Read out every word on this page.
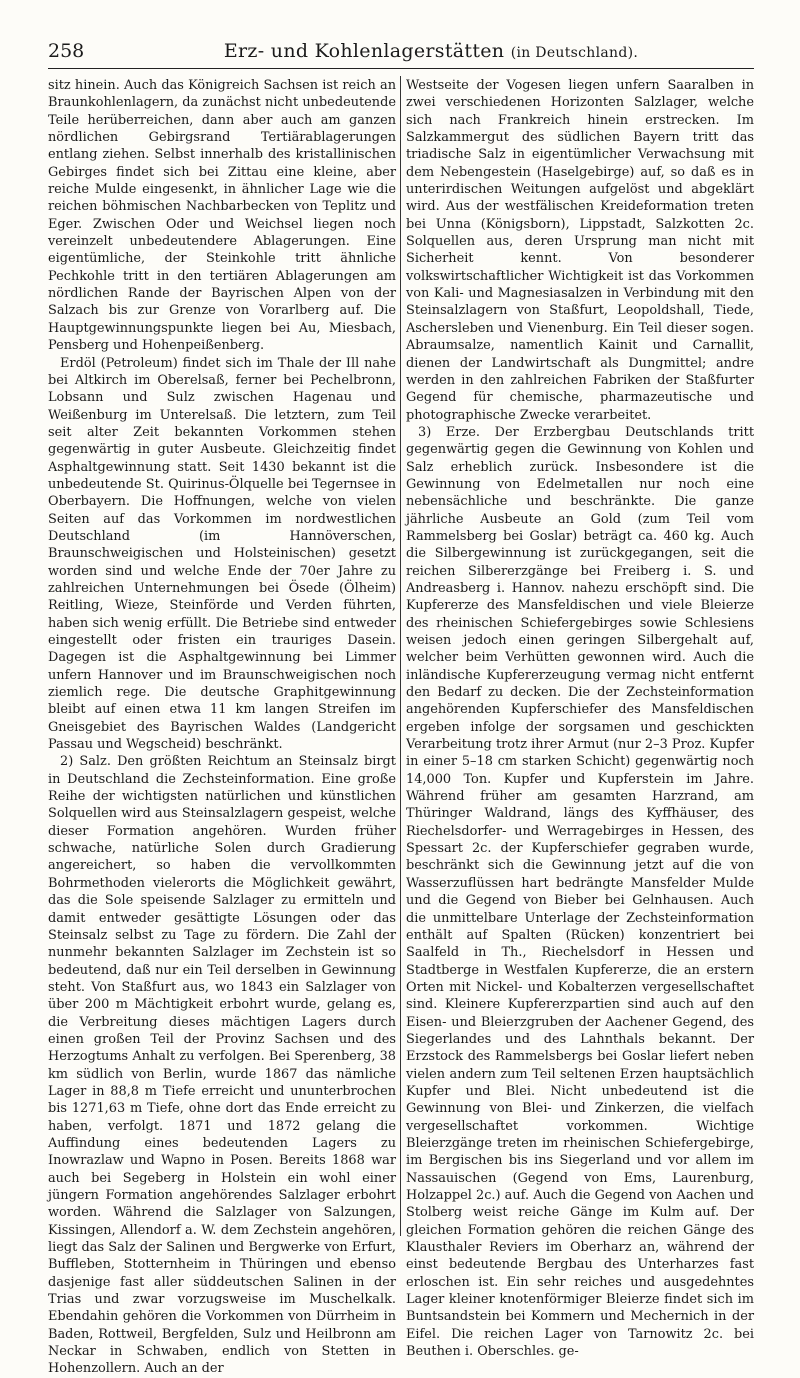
258	Erz- und Kohlenlagerstätten (in Deutschland).

sitz hinein. Auch das Königreich Sachsen ist reich an Braunkohlenlagern, da zunächst nicht unbedeutende Teile herüberreichen, dann aber auch am ganzen nördlichen Gebirgsrand Tertiärablagerungen entlang ziehen. Selbst innerhalb des kristallinischen Gebirges findet sich bei Zittau eine kleine, aber reiche Mulde eingesenkt, in ähnlicher Lage wie die reichen böhmischen Nachbarbecken von Teplitz und Eger. Zwischen Oder und Weichsel liegen noch vereinzelt unbedeutendere Ablagerungen. Eine eigentümliche, der Steinkohle tritt ähnliche Pechkohle tritt in den tertiären Ablagerungen am nördlichen Rande der Bayrischen Alpen von der Salzach bis zur Grenze von Vorarlberg auf. Die Hauptgewinnungspunkte liegen bei Au, Miesbach, Pensberg und Hohenpeißenberg.

Erdöl (Petroleum) findet sich im Thale der Ill nahe bei Altkirch im Oberelsaß, ferner bei Pechelbronn, Lobsann und Sulz zwischen Hagenau und Weißenburg im Unterelsaß. Die letztern, zum Teil seit alter Zeit bekannten Vorkommen stehen gegenwärtig in guter Ausbeute. Gleichzeitig findet Asphaltgewinnung statt. Seit 1430 bekannt ist die unbedeutende St. Quirinus-Ölquelle bei Tegernsee in Oberbayern. Die Hoffnungen, welche von vielen Seiten auf das Vorkommen im nordwestlichen Deutschland (im Hannöverschen, Braunschweigischen und Holsteinischen) gesetzt worden sind und welche Ende der 70er Jahre zu zahlreichen Unternehmungen bei Ösede (Ölheim) Reitling, Wieze, Steinförde und Verden führten, haben sich wenig erfüllt. Die Betriebe sind entweder eingestellt oder fristen ein trauriges Dasein. Dagegen ist die Asphaltgewinnung bei Limmer unfern Hannover und im Braunschweigischen noch ziemlich rege. Die deutsche Graphitgewinnung bleibt auf einen etwa 11 km langen Streifen im Gneisgebiet des Bayrischen Waldes (Landgericht Passau und Wegscheid) beschränkt.

2) Salz. Den größten Reichtum an Steinsalz birgt in Deutschland die Zechsteinformation. Eine große Reihe der wichtigsten natürlichen und künstlichen Solquellen wird aus Steinsalzlagern gespeist, welche dieser Formation angehören. Wurden früher schwache, natürliche Solen durch Gradierung angereichert, so haben die vervollkommten Bohrmethoden vielerorts die Möglichkeit gewährt, das die Sole speisende Salzlager zu ermitteln und damit entweder gesättigte Lösungen oder das Steinsalz selbst zu Tage zu fördern. Die Zahl der nunmehr bekannten Salzlager im Zechstein ist so bedeutend, daß nur ein Teil derselben in Gewinnung steht. Von Staßfurt aus, wo 1843 ein Salzlager von über 200 m Mächtigkeit erbohrt wurde, gelang es, die Verbreitung dieses mächtigen Lagers durch einen großen Teil der Provinz Sachsen und des Herzogtums Anhalt zu verfolgen. Bei Sperenberg, 38 km südlich von Berlin, wurde 1867 das nämliche Lager in 88,8 m Tiefe erreicht und ununterbrochen bis 1271,63 m Tiefe, ohne dort das Ende erreicht zu haben, verfolgt. 1871 und 1872 gelang die Auffindung eines bedeutenden Lagers zu Inowrazlaw und Wapno in Posen. Bereits 1868 war auch bei Segeberg in Holstein ein wohl einer jüngern Formation angehörendes Salzlager erbohrt worden. Während die Salzlager von Salzungen, Kissingen, Allendorf a. W. dem Zechstein angehören, liegt das Salz der Salinen und Bergwerke von Erfurt, Buffleben, Stotternheim in Thüringen und ebenso dasjenige fast aller süddeutschen Salinen in der Trias und zwar vorzugsweise im Muschelkalk. Ebendahin gehören die Vorkommen von Dürrheim in Baden, Rottweil, Bergfelden, Sulz und Heilbronn am Neckar in Schwaben, endlich von Stetten in Hohenzollern. Auch an der

Westseite der Vogesen liegen unfern Saaralben in zwei verschiedenen Horizonten Salzlager, welche sich nach Frankreich hinein erstrecken. Im Salzkammergut des südlichen Bayern tritt das triadische Salz in eigentümlicher Verwachsung mit dem Nebengestein (Haselgebirge) auf, so daß es in unterirdischen Weitungen aufgelöst und abgeklärt wird. Aus der westfälischen Kreideformation treten bei Unna (Königsborn), Lippstadt, Salzkotten 2c. Solquellen aus, deren Ursprung man nicht mit Sicherheit kennt. Von besonderer volkswirtschaftlicher Wichtigkeit ist das Vorkommen von Kali- und Magnesiasalzen in Verbindung mit den Steinsalzlagern von Staßfurt, Leopoldshall, Tiede, Aschersleben und Vienenburg. Ein Teil dieser sogen. Abraumsalze, namentlich Kainit und Carnallit, dienen der Landwirtschaft als Dungmittel; andre werden in den zahlreichen Fabriken der Staßfurter Gegend für chemische, pharmazeutische und photographische Zwecke verarbeitet.

3) Erze. Der Erzbergbau Deutschlands tritt gegenwärtig gegen die Gewinnung von Kohlen und Salz erheblich zurück. Insbesondere ist die Gewinnung von Edelmetallen nur noch eine nebensächliche und beschränkte. Die ganze jährliche Ausbeute an Gold (zum Teil vom Rammelsberg bei Goslar) beträgt ca. 460 kg. Auch die Silbergewinnung ist zurückgegangen, seit die reichen Silbererzgänge bei Freiberg i. S. und Andreasberg i. Hannov. nahezu erschöpft sind. Die Kupfererze des Mansfeldischen und viele Bleierze des rheinischen Schiefergebirges sowie Schlesiens weisen jedoch einen geringen Silbergehalt auf, welcher beim Verhütten gewonnen wird. Auch die inländische Kupfererzeugung vermag nicht entfernt den Bedarf zu decken. Die der Zechsteinformation angehörenden Kupferschiefer des Mansfeldischen ergeben infolge der sorgsamen und geschickten Verarbeitung trotz ihrer Armut (nur 2–3 Proz. Kupfer in einer 5–18 cm starken Schicht) gegenwärtig noch 14,000 Ton. Kupfer und Kupferstein im Jahre. Während früher am gesamten Harzrand, am Thüringer Waldrand, längs des Kyffhäuser, des Riechelsdorfer- und Werragebirges in Hessen, des Spessart 2c. der Kupferschiefer gegraben wurde, beschränkt sich die Gewinnung jetzt auf die von Wasserzuflüssen hart bedrängte Mansfelder Mulde und die Gegend von Bieber bei Gelnhausen. Auch die unmittelbare Unterlage der Zechsteinformation enthält auf Spalten (Rücken) konzentriert bei Saalfeld in Th., Riechelsdorf in Hessen und Stadtberge in Westfalen Kupfererze, die an erstern Orten mit Nickel- und Kobalterzen vergesellschaftet sind. Kleinere Kupfererzpartien sind auch auf den Eisen- und Bleierzgruben der Aachener Gegend, des Siegerlandes und des Lahnthals bekannt. Der Erzstock des Rammelsbergs bei Goslar liefert neben vielen andern zum Teil seltenen Erzen hauptsächlich Kupfer und Blei. Nicht unbedeutend ist die Gewinnung von Blei- und Zinkerzen, die vielfach vergesellschaftet vorkommen. Wichtige Bleierzgänge treten im rheinischen Schiefergebirge, im Bergischen bis ins Siegerland und vor allem im Nassauischen (Gegend von Ems, Laurenburg, Holzappel 2c.) auf. Auch die Gegend von Aachen und Stolberg weist reiche Gänge im Kulm auf. Der gleichen Formation gehören die reichen Gänge des Klausthaler Reviers im Oberharz an, während der einst bedeutende Bergbau des Unterharzes fast erloschen ist. Ein sehr reiches und ausgedehntes Lager kleiner knotenförmiger Bleierze findet sich im Buntsandstein bei Kommern und Mechernich in der Eifel. Die reichen Lager von Tarnowitz 2c. bei Beuthen i. Oberschles. ge-
